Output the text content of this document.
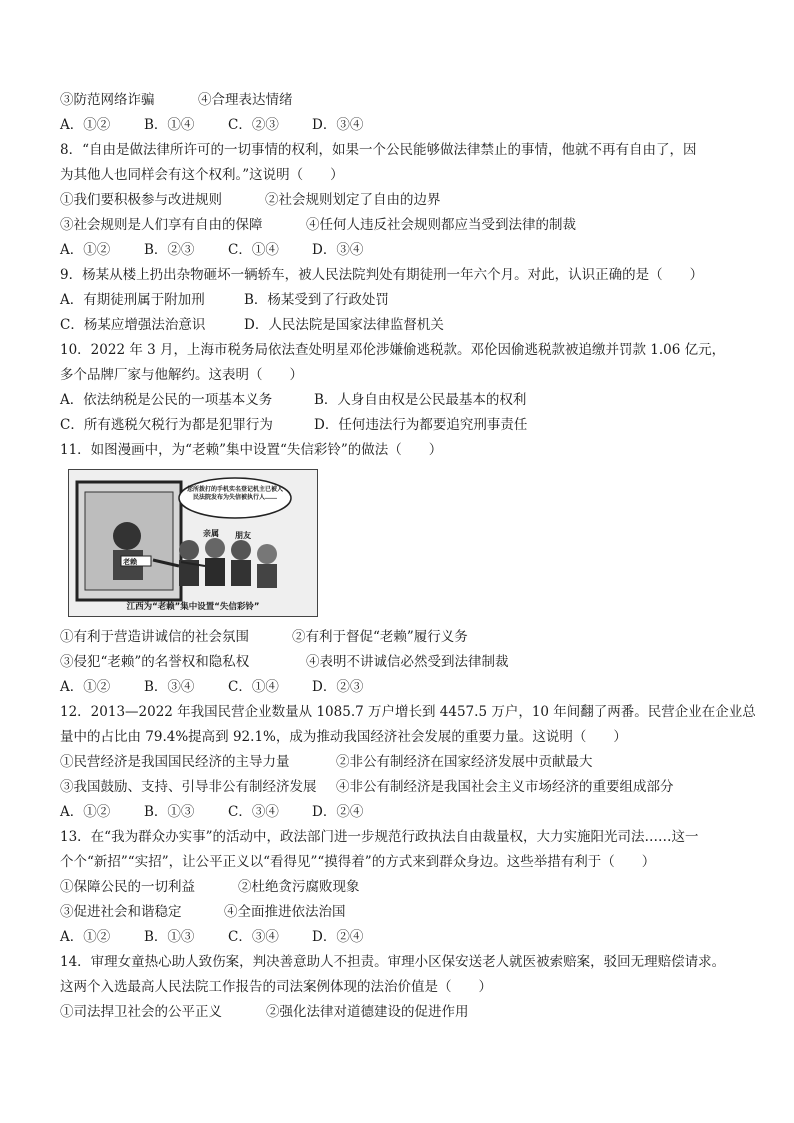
③防范网络诈骗	④合理表达情绪
A．①②	B．①④	C．②③	D．③④
8．“自由是做法律所许可的一切事情的权利，如果一个公民能够做法律禁止的事情，他就不再有自由了，因
为其他人也同样会有这个权利。”这说明（　　）
①我们要积极参与改进规则	②社会规则划定了自由的边界
③社会规则是人们享有自由的保障	④任何人违反社会规则都应当受到法律的制裁
A．①②	B．②③	C．①④	D．③④
9．杨某从楼上扔出杂物砸坏一辆轿车，被人民法院判处有期徒刑一年六个月。对此，认识正确的是（　　）
A．有期徒刑属于附加刑	B．杨某受到了行政处罚
C．杨某应增强法治意识	D．人民法院是国家法律监督机关
10．2022 年 3 月，上海市税务局依法查处明星邓伦涉嫌偷逃税款。邓伦因偷逃税款被追缴并罚款 1.06 亿元，
多个品牌厂家与他解约。这表明（　　）
A．依法纳税是公民的一项基本义务	B．人身自由权是公民最基本的权利
C．所有逃税欠税行为都是犯罪行为	D．任何违法行为都要追究刑事责任
11．如图漫画中，为“老赖”集中设置“失信彩铃”的做法（　　）
您所拨打的手机实名登记机主已被人民法院发布为失信被执行人……
亲属 朋友
老赖
江西为“老赖”集中设置“失信彩铃”
①有利于营造讲诚信的社会氛围	②有利于督促“老赖”履行义务
③侵犯“老赖”的名誉权和隐私权	④表明不讲诚信必然受到法律制裁
A．①②	B．③④	C．①④	D．②③
12．2013—2022 年我国民营企业数量从 1085.7 万户增长到 4457.5 万户，10 年间翻了两番。民营企业在企业总
量中的占比由 79.4%提高到 92.1%，成为推动我国经济社会发展的重要力量。这说明（　　）
①民营经济是我国国民经济的主导力量	②非公有制经济在国家经济发展中贡献最大
③我国鼓励、支持、引导非公有制经济发展	④非公有制经济是我国社会主义市场经济的重要组成部分
A．①②	B．①③	C．③④	D．②④
13．在“我为群众办实事”的活动中，政法部门进一步规范行政执法自由裁量权，大力实施阳光司法……这一
个个“新招”“实招”，让公平正义以“看得见”“摸得着”的方式来到群众身边。这些举措有利于（　　）
①保障公民的一切利益	②杜绝贪污腐败现象
③促进社会和谐稳定	④全面推进依法治国
A．①②	B．①③	C．③④	D．②④
14．审理女童热心助人致伤案，判决善意助人不担责。审理小区保安送老人就医被索赔案，驳回无理赔偿请求。
这两个入选最高人民法院工作报告的司法案例体现的法治价值是（　　）
①司法捍卫社会的公平正义	②强化法律对道德建设的促进作用
